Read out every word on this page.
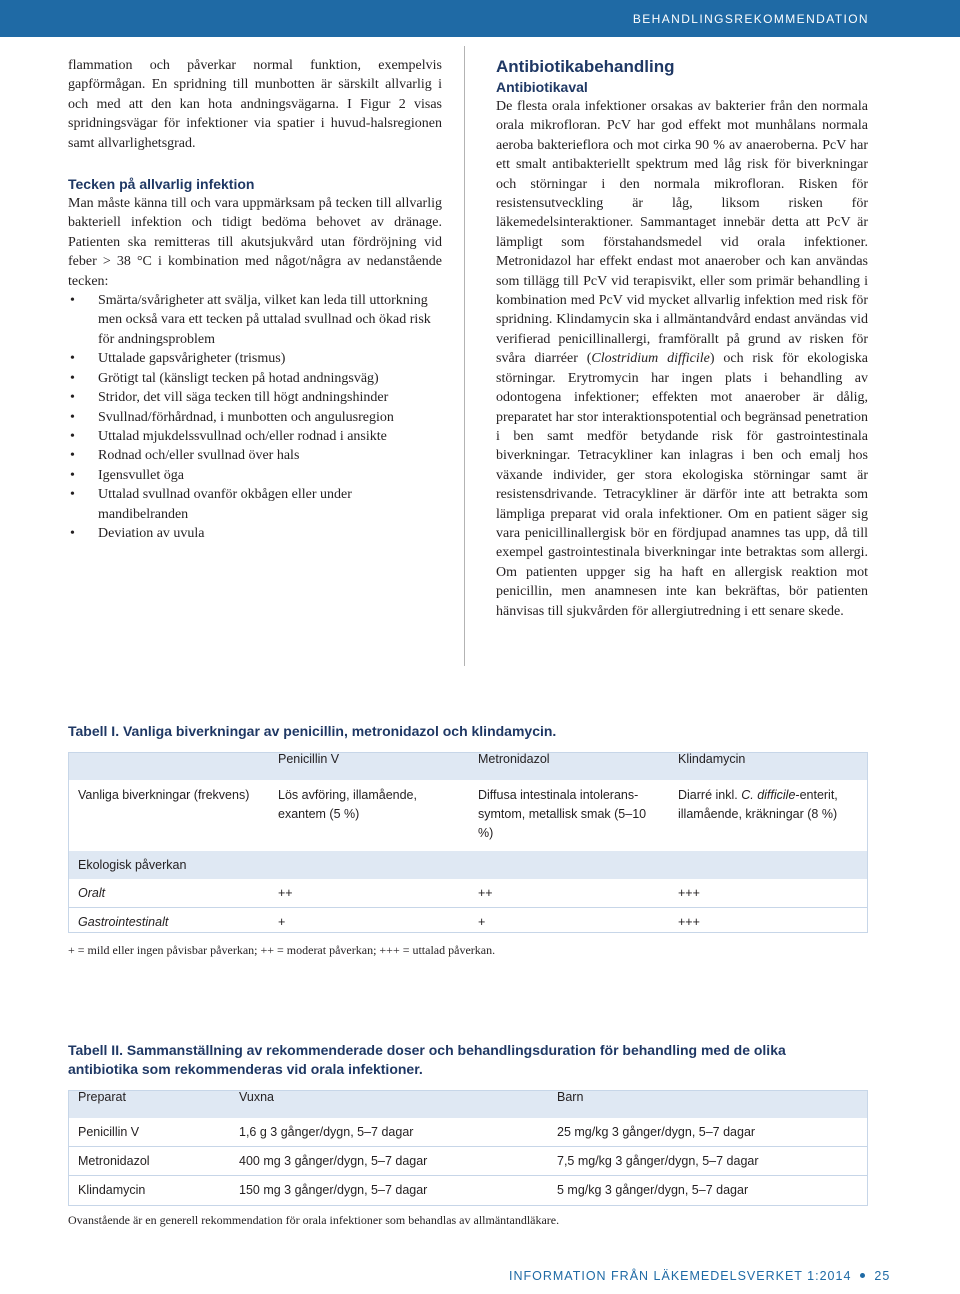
BEHANDLINGSREKOMMENDATION

flammation och påverkar normal funktion, exempelvis gapförmågan. En spridning till munbotten är särskilt allvarlig i och med att den kan hota andningsvägarna. I Figur 2 visas spridningsvägar för infektioner via spatier i huvud-halsregionen samt allvarlighetsgrad.

Tecken på allvarlig infektion

Man måste känna till och vara uppmärksam på tecken till allvarlig bakteriell infektion och tidigt bedöma behovet av dränage. Patienten ska remitteras till akutsjukvård utan fördröjning vid feber > 38 °C i kombination med något/några av nedanstående tecken:

• Smärta/svårigheter att svälja, vilket kan leda till uttorkning men också vara ett tecken på uttalad svullnad och ökad risk för andningsproblem
• Uttalade gapsvårigheter (trismus)
• Grötigt tal (känsligt tecken på hotad andningsväg)
• Stridor, det vill säga tecken till högt andningshinder
• Svullnad/förhårdnad, i munbotten och angulusregion
• Uttalad mjukdelssvullnad och/eller rodnad i ansikte
• Rodnad och/eller svullnad över hals
• Igensvullet öga
• Uttalad svullnad ovanför okbågen eller under mandibelranden
• Deviation av uvula

Antibiotikabehandling

Antibiotikaval

De flesta orala infektioner orsakas av bakterier från den normala orala mikrofloran. PcV har god effekt mot munhålans normala aeroba bakterieflora och mot cirka 90 % av anaeroberna. PcV har ett smalt antibakteriellt spektrum med låg risk för biverkningar och störningar i den normala mikrofloran. Risken för resistensutveckling är låg, liksom risken för läkemedelsinteraktioner. Sammantaget innebär detta att PcV är lämpligt som förstahandsmedel vid orala infektioner. Metronidazol har effekt endast mot anaerober och kan användas som tillägg till PcV vid terapisvikt, eller som primär behandling i kombination med PcV vid mycket allvarlig infektion med risk för spridning. Klindamycin ska i allmäntandvård endast användas vid verifierad penicillinallergi, framförallt på grund av risken för svåra diarréer (Clostridium difficile) och risk för ekologiska störningar. Erytromycin har ingen plats i behandling av odontogena infektioner; effekten mot anaerober är dålig, preparatet har stor interaktionspotential och begränsad penetration i ben samt medför betydande risk för gastrointestinala biverkningar. Tetracykliner kan inlagras i ben och emalj hos växande individer, ger stora ekologiska störningar samt är resistensdrivande. Tetracykliner är därför inte att betrakta som lämpliga preparat vid orala infektioner. Om en patient säger sig vara penicillinallergisk bör en fördjupad anamnes tas upp, då till exempel gastrointestinala biverkningar inte betraktas som allergi. Om patienten uppger sig ha haft en allergisk reaktion mot penicillin, men anamnesen inte kan bekräftas, bör patienten hänvisas till sjukvården för allergiutredning i ett senare skede.

Tabell I. Vanliga biverkningar av penicillin, metronidazol och klindamycin.
	Penicillin V	Metronidazol	Klindamycin
Vanliga biverkningar (frekvens)	Lös avföring, illamående, exantem (5 %)	Diffusa intestinala intolerans-symtom, metallisk smak (5–10 %)	Diarré inkl. C. difficile-enterit, illamående, kräkningar (8 %)
Ekologisk påverkan			
Oralt	++	++	+++
Gastrointestinalt	+	+	+++
+ = mild eller ingen påvisbar påverkan; ++ = moderat påverkan; +++ = uttalad påverkan.
Tabell II. Sammanställning av rekommenderade doser och behandlingsduration för behandling med de olika antibiotika som rekommenderas vid orala infektioner.
Preparat	Vuxna	Barn
Penicillin V	1,6 g 3 gånger/dygn, 5–7 dagar	25 mg/kg 3 gånger/dygn, 5–7 dagar
Metronidazol	400 mg 3 gånger/dygn, 5–7 dagar	7,5 mg/kg 3 gånger/dygn, 5–7 dagar
Klindamycin	150 mg 3 gånger/dygn, 5–7 dagar	5 mg/kg 3 gånger/dygn, 5–7 dagar
Ovanstående är en generell rekommendation för orala infektioner som behandlas av allmäntandläkare.
INFORMATION FRÅN LÄKEMEDELSVERKET 1:2014 25
